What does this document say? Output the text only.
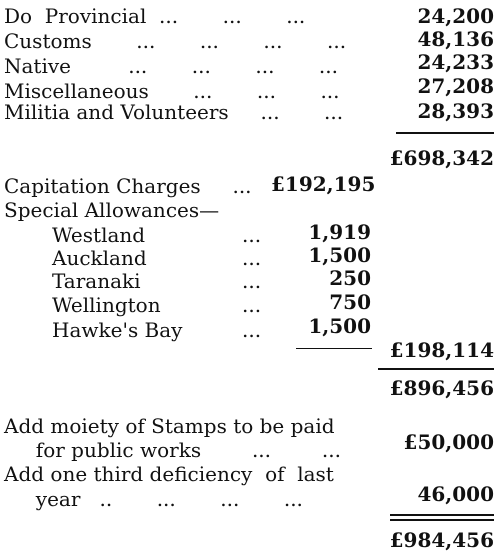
Do  Provincial  ...       ...       ...	24,200
Customs       ...       ...       ...       ...	48,136
Native         ...       ...       ...       ...	24,233
Miscellaneous       ...       ...       ...	27,208
Militia and Volunteers     ...       ...	28,393
£698,342
Capitation Charges     ... £192,195
Special Allowances—
Westland	... 1,919
Auckland	... 1,500
Taranaki	...	250
Wellington	...	750
Hawke's Bay	... 1,500
£198,114
£896,456
Add moiety of Stamps to be paid
for public works        ...        ...	£50,000
Add one third deficiency  of  last
year   ..       ...       ...       ...	46,000
£984,456
